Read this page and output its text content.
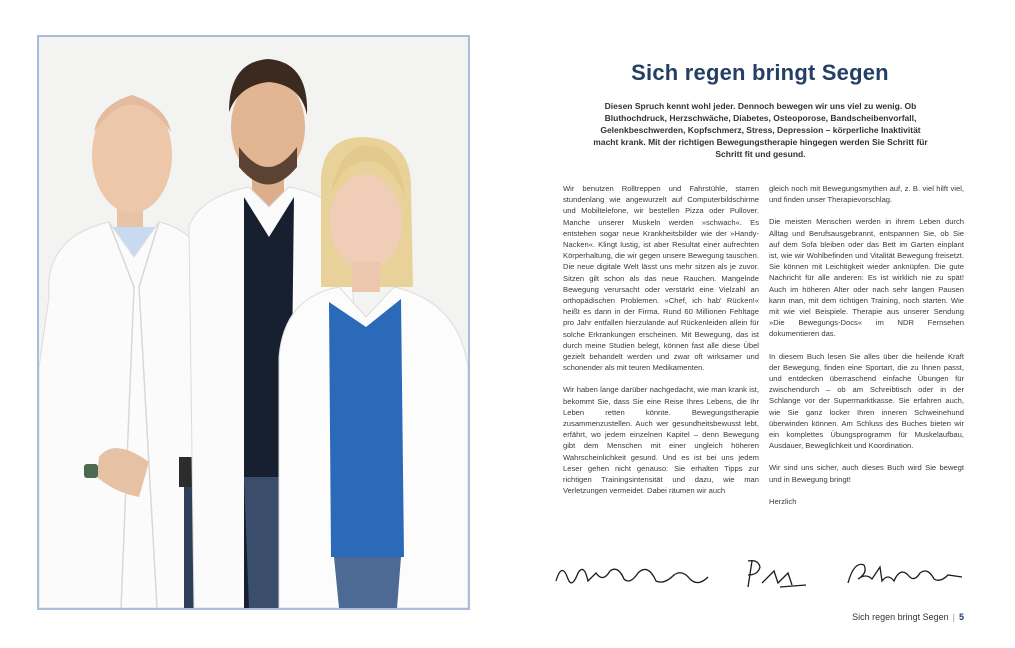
Sich regen bringt Segen
Diesen Spruch kennt wohl jeder. Dennoch bewegen wir uns viel zu wenig. Ob Bluthochdruck, Herzschwäche, Diabetes, Osteoporose, Bandscheibenvorfall, Gelenkbeschwerden, Kopfschmerz, Stress, Depression – körperliche Inaktivität macht krank. Mit der richtigen Bewegungstherapie hingegen werden Sie Schritt für Schritt fit und gesund.

Wir benutzen Rolltreppen und Fahrstühle, starren stundenlang wie angewurzelt auf Computerbildschirme und Mobiltelefone, wir bestellen Pizza oder Pullover. Manche unserer Muskeln werden »schwach«. Es entstehen sogar neue Krankheitsbilder wie der »Handy-Nacken«. Klingt lustig, ist aber Resultat einer aufrechten Körperhaltung, die wir gegen unsere Bewegung tauschen. Die neue digitale Welt lässt uns mehr sitzen als je zuvor. Sitzen gilt schon als das neue Rauchen. Mangelnde Bewegung verursacht oder verstärkt eine Vielzahl an orthopädischen Problemen. »Chef, ich hab' Rücken!« heißt es dann in der Firma. Rund 60 Millionen Fehltage pro Jahr entfallen hierzulande auf Rückenleiden allein für solche Erkrankungen erscheinen. Mit Bewegung, das ist durch meine Studien belegt, können fast alle diese Übel gezielt behandelt werden und zwar oft wirksamer und schonender als mit teuren Medikamenten.

Wir haben lange darüber nachgedacht, wie man krank ist, bekommt Sie, dass Sie eine Reise Ihres Lebens, die Ihr Leben retten könnte. Bewegungstherapie zusammenzustellen. Auch wer gesundheitsbewusst lebt, erfährt, wo jedem einzelnen Kapitel – denn Bewegung gibt dem Menschen mit einer ungleich höheren Wahrscheinlichkeit gesund. Und es ist bei uns jedem Leser gehen nicht genauso: Sie erhalten Tipps zur richtigen Trainingsintensität und dazu, wie man Verletzungen vermeidet. Dabei räumen wir auch

gleich noch mit Bewegungsmythen auf, z. B. viel hilft viel, und finden unser Therapievorschlag.

Die meisten Menschen werden in ihrem Leben durch Alltag und Berufsausgebrannt, entspannen Sie, ob Sie auf dem Sofa bleiben oder das Bett im Garten einplant ist, wie wir Wohlbefinden und Vitalität Bewegung freisetzt. Sie können mit Leichtigkeit wieder anknüpfen. Die gute Nachricht für alle anderen: Es ist wirklich nie zu spät! Auch im höheren Alter oder nach sehr langen Pausen kann man, mit dem richtigen Training, noch starten. Wie mit wie viel Beispiele. Therapie aus unserer Sendung »Die Bewegungs-Docs« im NDR Fernsehen dokumentieren das.

In diesem Buch lesen Sie alles über die heilende Kraft der Bewegung, finden eine Sportart, die zu Ihnen passt, und entdecken überraschend einfache Übungen für zwischendurch – ob am Schreibtisch oder in der Schlange vor der Supermarktkasse. Sie erfahren auch, wie Sie ganz locker Ihren inneren Schweinehund überwinden können. Am Schluss des Buches bieten wir ein komplettes Übungsprogramm für Muskelaufbau, Ausdauer, Beweglichkeit und Koordination.

Wir sind uns sicher, auch dieses Buch wird Sie bewegt und in Bewegung bringt!

Herzlich

Sich regen bringt Segen | 5
